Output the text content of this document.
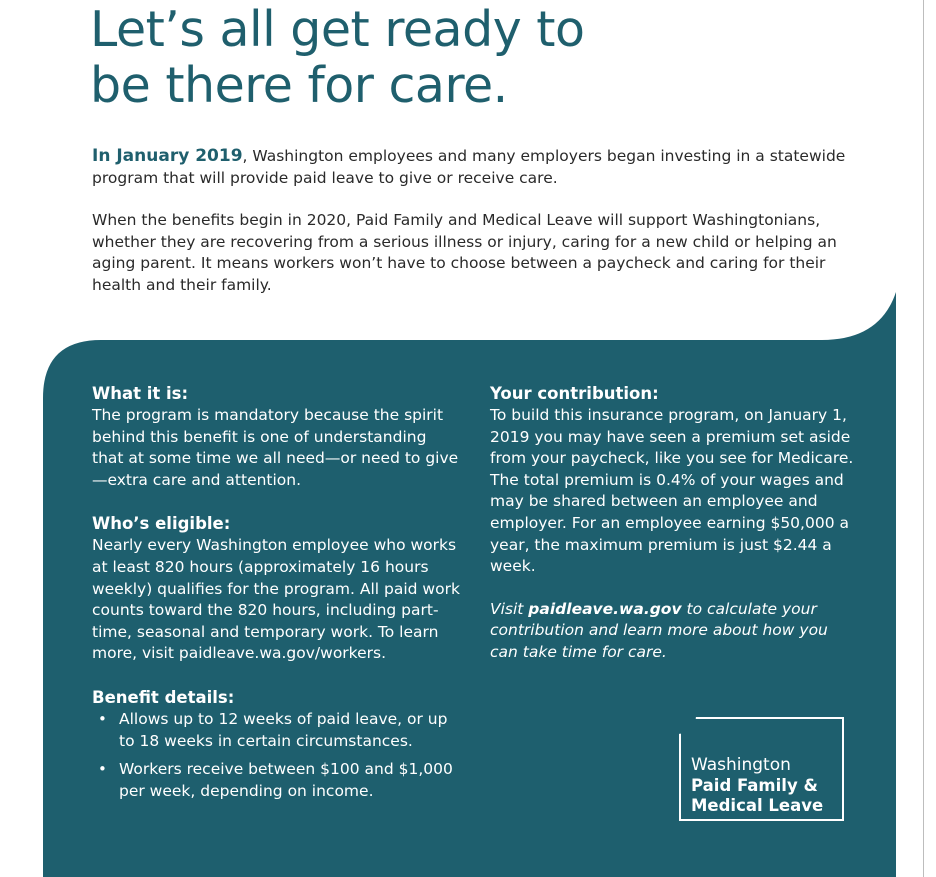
Let’s all get ready to
be there for care.

In January 2019, Washington employees and many employers began investing in a statewide program that will provide paid leave to give or receive care.

When the benefits begin in 2020, Paid Family and Medical Leave will support Washingtonians, whether they are recovering from a serious illness or injury, caring for a new child or helping an aging parent. It means workers won’t have to choose between a paycheck and caring for their health and their family.

What it is:

The program is mandatory because the spirit behind this benefit is one of understanding that at some time we all need—or need to give—extra care and attention.

Who’s eligible:

Nearly every Washington employee who works at least 820 hours (approximately 16 hours weekly) qualifies for the program. All paid work counts toward the 820 hours, including part-time, seasonal and temporary work. To learn more, visit paidleave.wa.gov/workers.

Benefit details:
• Allows up to 12 weeks of paid leave, or up to 18 weeks in certain circumstances.
• Workers receive between $100 and $1,000 per week, depending on income.
Your contribution:

To build this insurance program, on January 1, 2019 you may have seen a premium set aside from your paycheck, like you see for Medicare. The total premium is 0.4% of your wages and may be shared between an employee and employer. For an employee earning $50,000 a year, the maximum premium is just $2.44 a week.

Visit paidleave.wa.gov to calculate your contribution and learn more about how you can take time for care.

Washington
Paid Family &
Medical Leave
